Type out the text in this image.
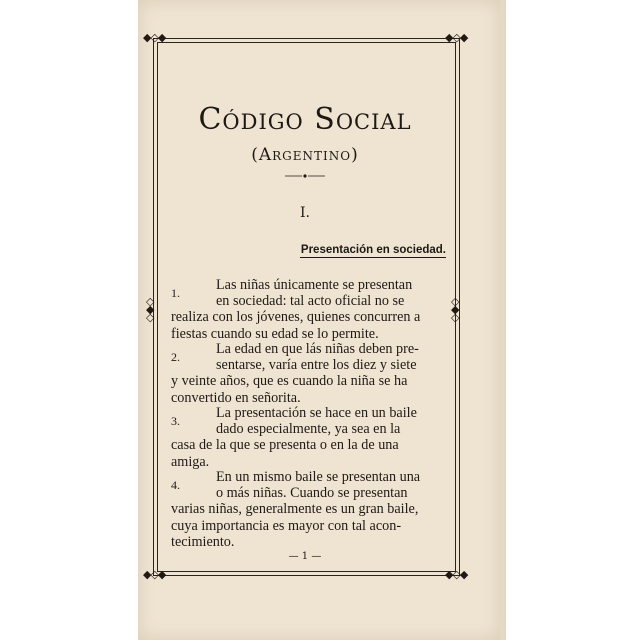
◆◇◆	◆◇◆
◆◇◆	◆◇◆
◇◆◇
◇◆◇
Código Social
(Argentino)
I.
Presentación en sociedad.
1.	Las niñas únicamente se presentan
en sociedad: tal acto oficial no se
realiza con los jóvenes, quienes concurren a
fiestas cuando su edad se lo permite.
2.	La edad en que lás niñas deben pre-
sentarse, varía entre los diez y siete
y veinte años, que es cuando la niña se ha
convertido en señorita.
3.	La presentación se hace en un baile
dado especialmente, ya sea en la
casa de la que se presenta o en la de una
amiga.
4.	En un mismo baile se presentan una
o más niñas. Cuando se presentan
varias niñas, generalmente es un gran baile,
cuya importancia es mayor con tal acon-
tecimiento.
— 1 —
